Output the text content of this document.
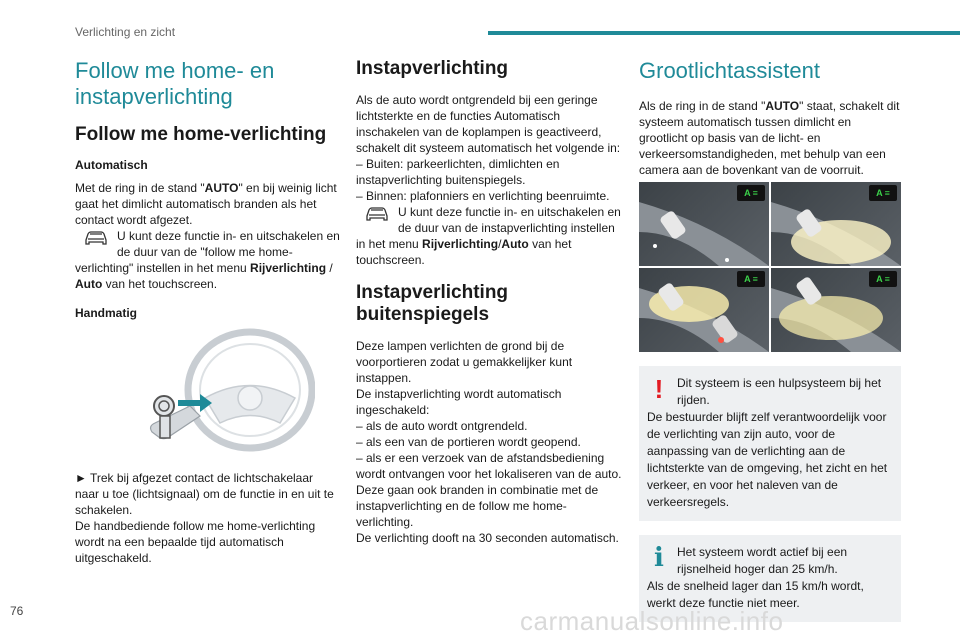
Verlichting en zicht
Follow me home- en instapverlichting
Follow me home-verlichting
Automatisch

Met de ring in de stand "AUTO" en bij weinig licht gaat het dimlicht automatisch branden als het contact wordt afgezet.

U kunt deze functie in- en uitschakelen en de duur van de "follow me home-verlichting" instellen in het menu Rijverlichting / Auto van het touchscreen.

Handmatig

► Trek bij afgezet contact de lichtschakelaar naar u toe (lichtsignaal) om de functie in en uit te schakelen.

De handbediende follow me home-verlichting wordt na een bepaalde tijd automatisch uitgeschakeld.

Instapverlichting

Als de auto wordt ontgrendeld bij een geringe lichtsterkte en de functies Automatisch inschakelen van de koplampen is geactiveerd, schakelt dit systeem automatisch het volgende in:

– Buiten: parkeerlichten, dimlichten en instapverlichting buitenspiegels.

– Binnen: plafonniers en verlichting beenruimte.

U kunt deze functie in- en uitschakelen en de duur van de instapverlichting instellen in het menu Rijverlichting/Auto van het touchscreen.

Instapverlichting buitenspiegels

Deze lampen verlichten de grond bij de voorportieren zodat u gemakkelijker kunt instappen.

De instapverlichting wordt automatisch ingeschakeld:

– als de auto wordt ontgrendeld.

– als een van de portieren wordt geopend.

– als er een verzoek van de afstandsbediening wordt ontvangen voor het lokaliseren van de auto.

Deze gaan ook branden in combinatie met de instapverlichting en de follow me home-verlichting.

De verlichting dooft na 30 seconden automatisch.

Grootlichtassistent

Als de ring in de stand "AUTO" staat, schakelt dit systeem automatisch tussen dimlicht en grootlicht op basis van de licht- en verkeersomstandigheden, met behulp van een camera aan de bovenkant van de voorruit.

A ≡	A ≡
A ≡	A ≡
!	Dit systeem is een hulpsysteem bij het rijden.

De bestuurder blijft zelf verantwoordelijk voor de verlichting van zijn auto, voor de aanpassing van de verlichting aan de lichtsterkte van de omgeving, het zicht en het verkeer, en voor het naleven van de verkeersregels.

i	Het systeem wordt actief bij een rijsnelheid hoger dan 25 km/h.

Als de snelheid lager dan 15 km/h wordt, werkt deze functie niet meer.

76	carmanualsonline.info
